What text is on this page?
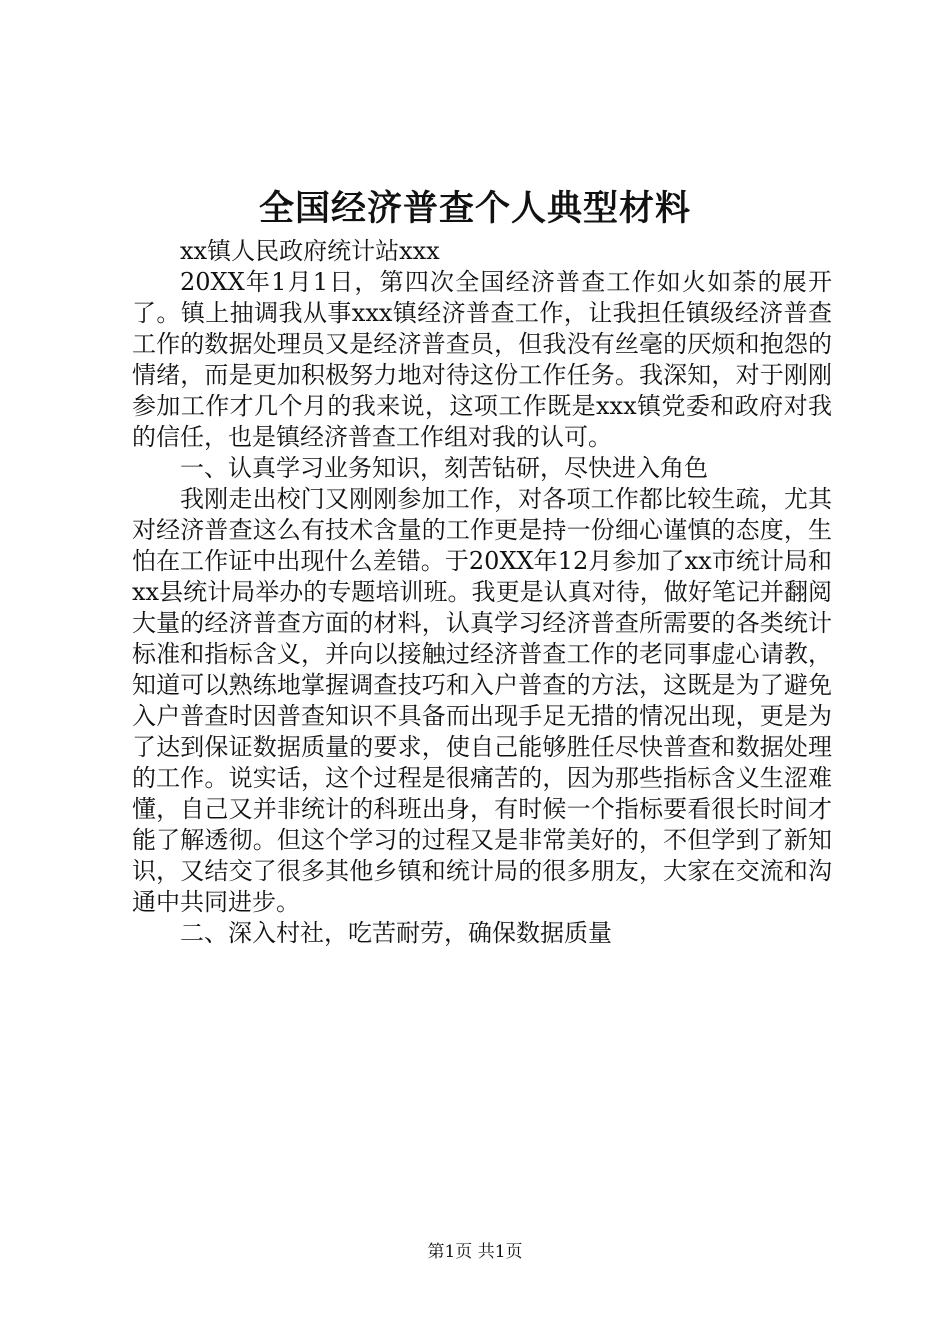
全国经济普查个人典型材料

xx镇人民政府统计站xxx

20XX年1月1日，第四次全国经济普查工作如火如荼的展开了。镇上抽调我从事xxx镇经济普查工作，让我担任镇级经济普查工作的数据处理员又是经济普查员，但我没有丝毫的厌烦和抱怨的情绪，而是更加积极努力地对待这份工作任务。我深知，对于刚刚参加工作才几个月的我来说，这项工作既是xxx镇党委和政府对我的信任，也是镇经济普查工作组对我的认可。

一、认真学习业务知识，刻苦钻研，尽快进入角色

我刚走出校门又刚刚参加工作，对各项工作都比较生疏，尤其对经济普查这么有技术含量的工作更是持一份细心谨慎的态度，生怕在工作证中出现什么差错。于20XX年12月参加了xx市统计局和xx县统计局举办的专题培训班。我更是认真对待，做好笔记并翻阅大量的经济普查方面的材料，认真学习经济普查所需要的各类统计标准和指标含义，并向以接触过经济普查工作的老同事虚心请教，知道可以熟练地掌握调查技巧和入户普查的方法，这既是为了避免入户普查时因普查知识不具备而出现手足无措的情况出现，更是为了达到保证数据质量的要求，使自己能够胜任尽快普查和数据处理的工作。说实话，这个过程是很痛苦的，因为那些指标含义生涩难懂，自己又并非统计的科班出身，有时候一个指标要看很长时间才能了解透彻。但这个学习的过程又是非常美好的，不但学到了新知识，又结交了很多其他乡镇和统计局的很多朋友，大家在交流和沟通中共同进步。

二、深入村社，吃苦耐劳，确保数据质量

第1页 共1页
